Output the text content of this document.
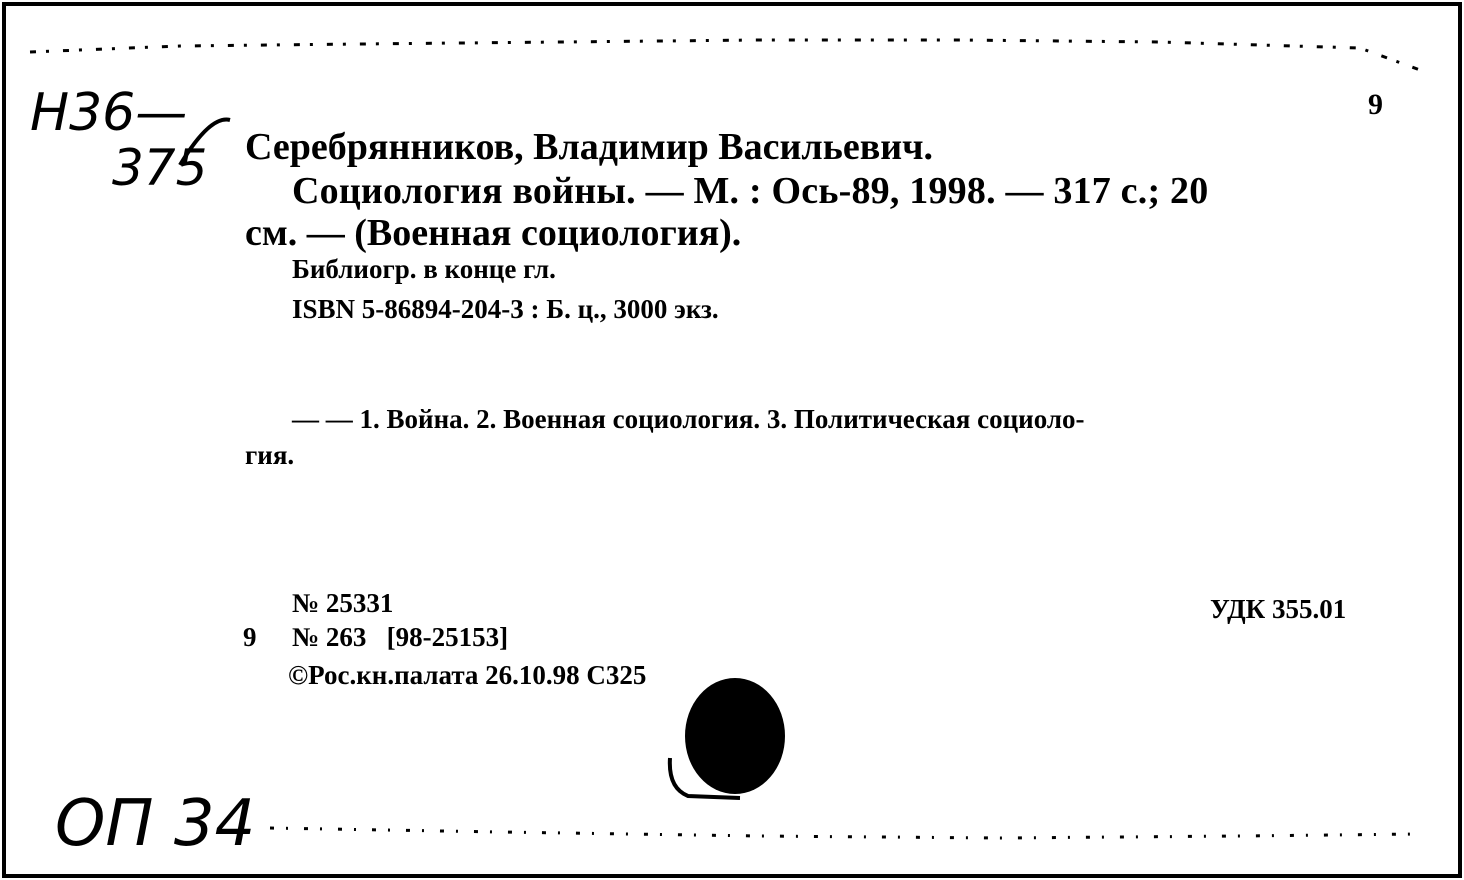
Н36—
375
9
Серебрянников, Владимир Васильевич.
Социология войны. — М. : Ось-89, 1998. — 317 с.; 20
см. — (Военная социология).
Библиогр. в конце гл.
ISBN 5-86894-204-3 : Б. ц., 3000 экз.
— — 1. Война. 2. Военная социология. 3. Политическая социоло-
гия.
№ 25331
9 № 263   [98-25153]
©Рос.кн.палата 26.10.98 С325
УДК 355.01
ОП 34
